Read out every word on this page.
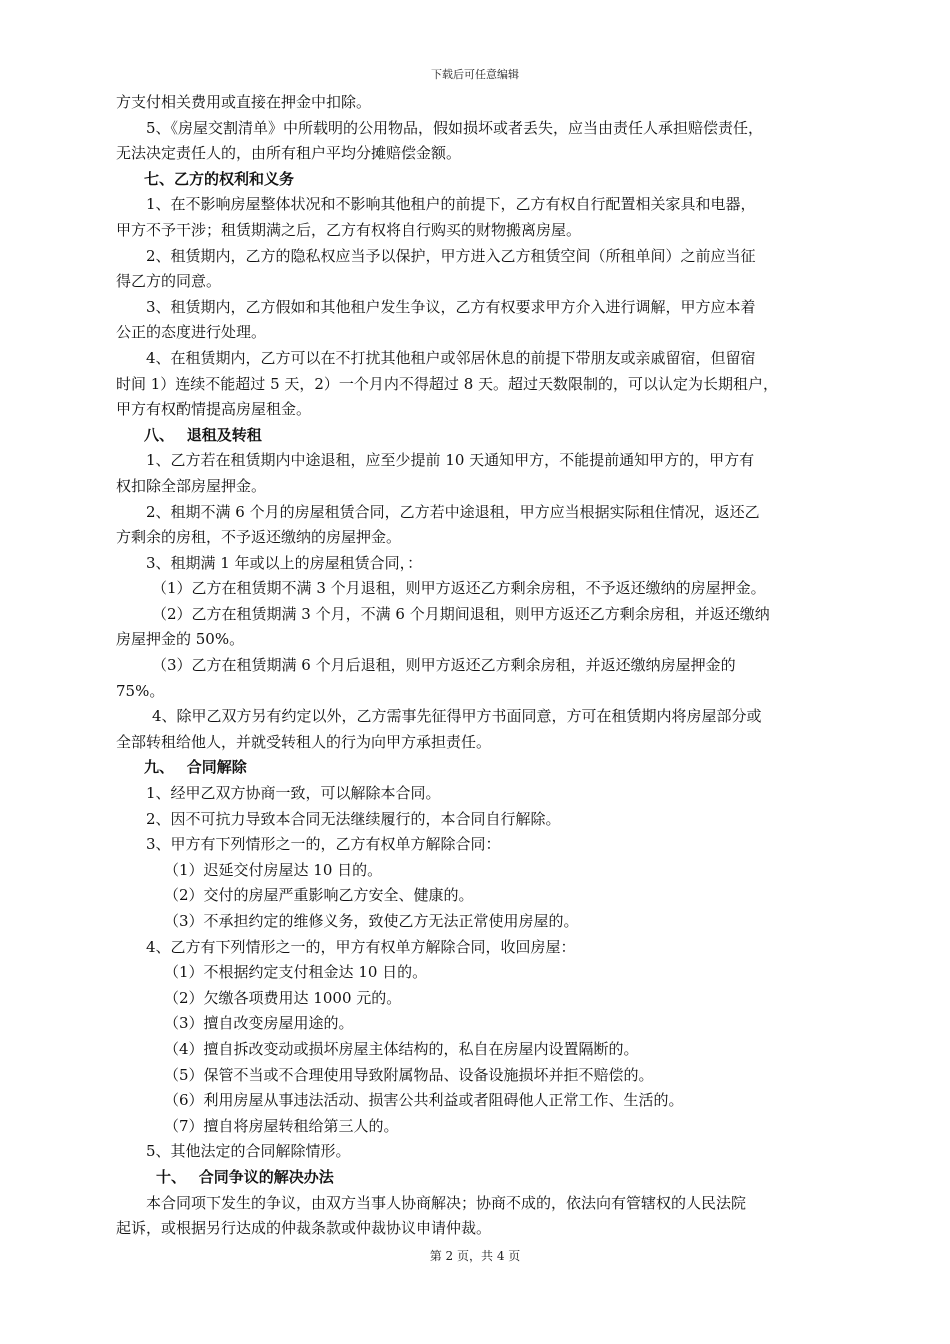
下载后可任意编辑
方支付相关费用或直接在押金中扣除。
5、《房屋交割清单》中所载明的公用物品，假如损坏或者丢失，应当由责任人承担赔偿责任，
无法决定责任人的，由所有租户平均分摊赔偿金额。
七、乙方的权利和义务
1、在不影响房屋整体状况和不影响其他租户的前提下，乙方有权自行配置相关家具和电器，
甲方不予干涉；租赁期满之后，乙方有权将自行购买的财物搬离房屋。
2、租赁期内，乙方的隐私权应当予以保护，甲方进入乙方租赁空间（所租单间）之前应当征
得乙方的同意。
3、租赁期内，乙方假如和其他租户发生争议，乙方有权要求甲方介入进行调解，甲方应本着
公正的态度进行处理。
4、在租赁期内，乙方可以在不打扰其他租户或邻居休息的前提下带朋友或亲戚留宿，但留宿
时间 1）连续不能超过 5 天，2）一个月内不得超过 8 天。超过天数限制的，可以认定为长期租户，
甲方有权酌情提高房屋租金。
八、　 退租及转租
1、乙方若在租赁期内中途退租，应至少提前 10 天通知甲方，不能提前通知甲方的，甲方有
权扣除全部房屋押金。
2、租期不满 6 个月的房屋租赁合同，乙方若中途退租，甲方应当根据实际租住情况，返还乙
方剩余的房租，不予返还缴纳的房屋押金。
3、租期满 1 年或以上的房屋租赁合同，：
（1）乙方在租赁期不满 3 个月退租，则甲方返还乙方剩余房租，不予返还缴纳的房屋押金。
（2）乙方在租赁期满 3 个月，不满 6 个月期间退租，则甲方返还乙方剩余房租，并返还缴纳
房屋押金的 50%。
（3）乙方在租赁期满 6 个月后退租，则甲方返还乙方剩余房租，并返还缴纳房屋押金的
75%。
4、除甲乙双方另有约定以外，乙方需事先征得甲方书面同意，方可在租赁期内将房屋部分或
全部转租给他人，并就受转租人的行为向甲方承担责任。
九、　 合同解除
1、经甲乙双方协商一致，可以解除本合同。
2、因不可抗力导致本合同无法继续履行的，本合同自行解除。
3、甲方有下列情形之一的，乙方有权单方解除合同：
（1）迟延交付房屋达 10 日的。
（2）交付的房屋严重影响乙方安全、健康的。
（3）不承担约定的维修义务，致使乙方无法正常使用房屋的。
4、乙方有下列情形之一的，甲方有权单方解除合同，收回房屋：
（1）不根据约定支付租金达 10 日的。
（2）欠缴各项费用达 1000 元的。
（3）擅自改变房屋用途的。
（4）擅自拆改变动或损坏房屋主体结构的，私自在房屋内设置隔断的。
（5）保管不当或不合理使用导致附属物品、设备设施损坏并拒不赔偿的。
（6）利用房屋从事违法活动、损害公共利益或者阻碍他人正常工作、生活的。
（7）擅自将房屋转租给第三人的。
5、其他法定的合同解除情形。
十、　 合同争议的解决办法
本合同项下发生的争议，由双方当事人协商解决；协商不成的，依法向有管辖权的人民法院
起诉，或根据另行达成的仲裁条款或仲裁协议申请仲裁。
第 2 页，共 4 页
